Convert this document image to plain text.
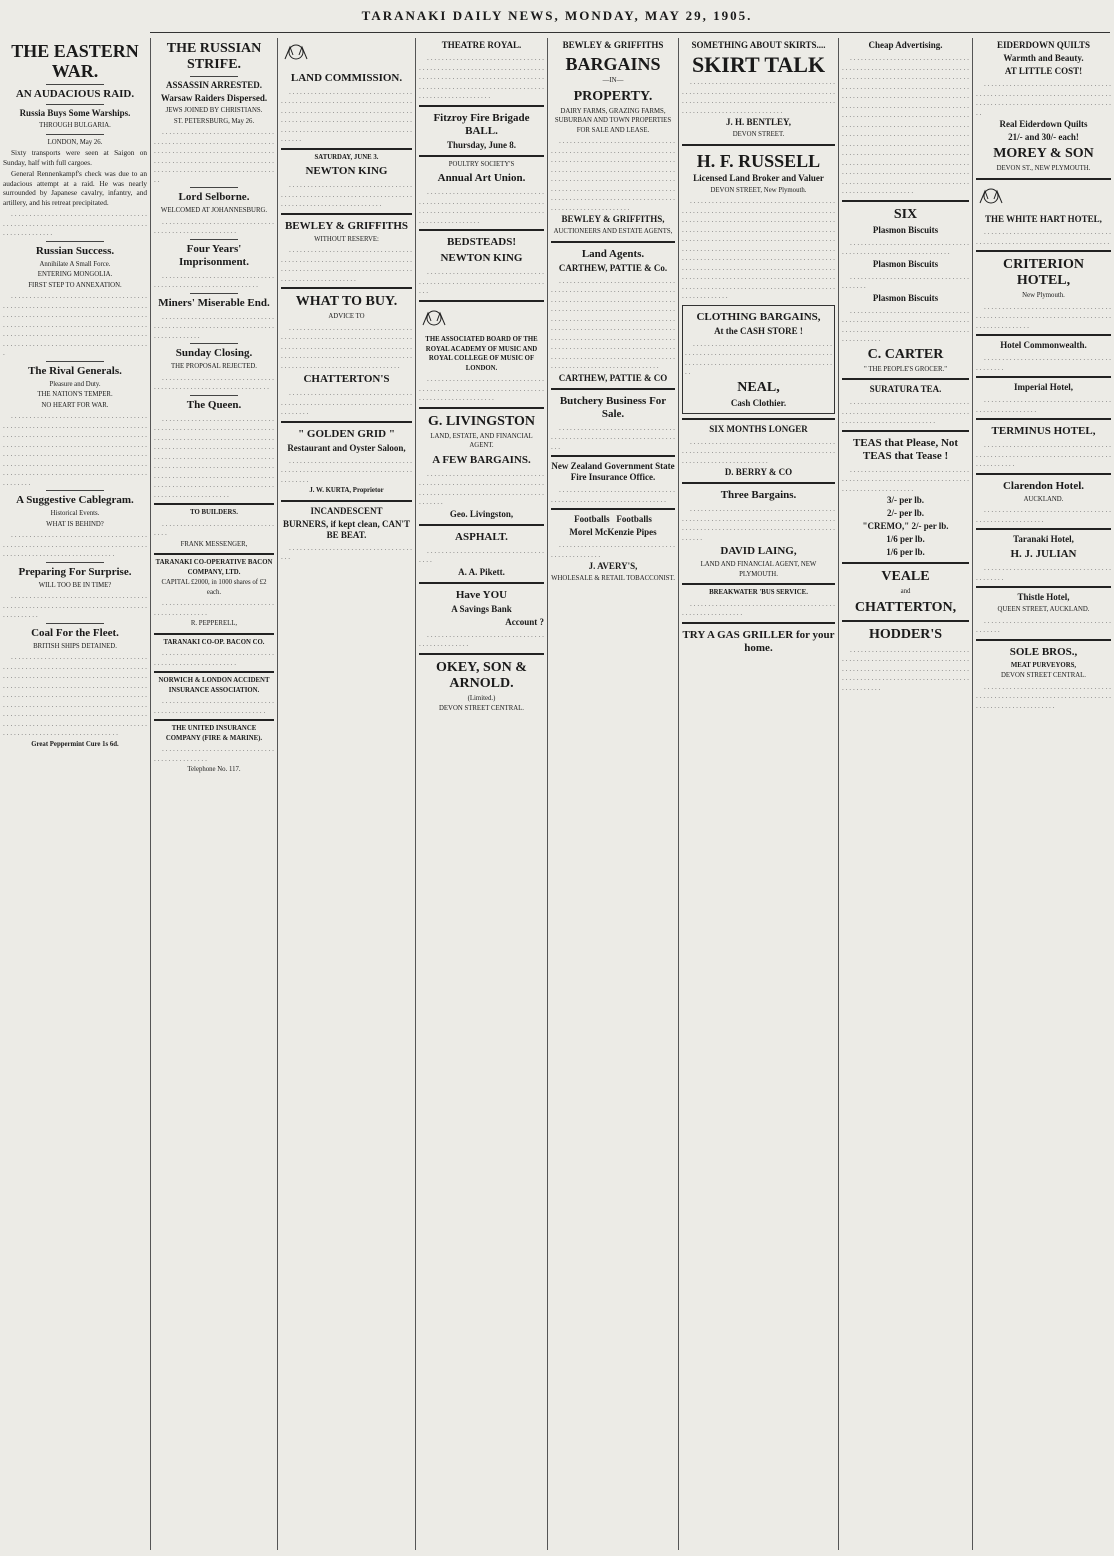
TARANAKI DAILY NEWS, MONDAY, MAY 29, 1905.
THE EASTERN WAR.
AN AUDACIOUS RAID.
Russia Buys Some Warships.
THROUGH BULGARIA.
LONDON, May 26.

Sixty transports were seen at Saigon on Sunday, half with full cargoes.

General Rennenkampf's check was due to an audacious attempt at a raid. He was nearly surrounded by Japanese cavalry, infantry, and artillery, and his retreat precipitated.

. . . . . . . . . . . . . . . . . . . . . . . . . . . . . . . . . . . . . . . . . . . . . . . . . . . . . . . . . . . . . . . . . . . . . . . . . . . . . . . . . . . . . . . . . .

Russian Success.
Annihilate A Small Force.
ENTERING MONGOLIA.
FIRST STEP TO ANNEXATION.

. . . . . . . . . . . . . . . . . . . . . . . . . . . . . . . . . . . . . . . . . . . . . . . . . . . . . . . . . . . . . . . . . . . . . . . . . . . . . . . . . . . . . . . . . . . . . . . . . . . . . . . . . . . . . . . . . . . . . . . . . . . . . . . . . . . . . . . . . . . . . . . . . . . . . . . . . . . . . . . . . . . . . . . . . . . . . . . . . . . . . . . . . . . . . . . . . . . . . . . . . . . . . . . . . . . . . . . . . . . . . . . . . . . . . . . . .

The Rival Generals.
Pleasure and Duty.
THE NATION'S TEMPER.
NO HEART FOR WAR.

. . . . . . . . . . . . . . . . . . . . . . . . . . . . . . . . . . . . . . . . . . . . . . . . . . . . . . . . . . . . . . . . . . . . . . . . . . . . . . . . . . . . . . . . . . . . . . . . . . . . . . . . . . . . . . . . . . . . . . . . . . . . . . . . . . . . . . . . . . . . . . . . . . . . . . . . . . . . . . . . . . . . . . . . . . . . . . . . . . . . . . . . . . . . . . . . . . . . . . . . . . . . . . . . . . . . . . . . . . . . . . . . . . . . . . . . . . . . . . . . . . . . . . . . . . . . . . . . . . . . . . . . . . . . . . . . . . . . . . .

A Suggestive Cablegram.
Historical Events.
WHAT IS BEHIND?

. . . . . . . . . . . . . . . . . . . . . . . . . . . . . . . . . . . . . . . . . . . . . . . . . . . . . . . . . . . . . . . . . . . . . . . . . . . . . . . . . . . . . . . . . . . . . . . . . . . . . . . . . . .

Preparing For Surprise.
WILL TOO BE IN TIME?

. . . . . . . . . . . . . . . . . . . . . . . . . . . . . . . . . . . . . . . . . . . . . . . . . . . . . . . . . . . . . . . . . . . . . . . . . . . . . . . . . . . . . .

Coal For the Fleet.
BRITISH SHIPS DETAINED.

. . . . . . . . . . . . . . . . . . . . . . . . . . . . . . . . . . . . . . . . . . . . . . . . . . . . . . . . . . . . . . . . . . . . . . . . . . . . . . . . . . . . . . . . . . . . . . . . . . . . . . . . . . . . . . . . . . . . . . . . . . . . . . . . . . . . . . . . . . . . . . . . . . . . . . . . . . . . . . . . . . . . . . . . . . . . . . . . . . . . . . . . . . . . . . . . . . . . . . . . . . . . . . . . . . . . . . . . . . . . . . . . . . . . . . . . . . . . . . . . . . . . . . . . . . . . . . . . . . . . . . . . . . . . . . . . . . . . . . . . . . . . . . . . . . . . . . . . . . . . . . . . . . . . . . . . . . . . . . . . . . . . . . . . . . . . . . . . . . . . . .

Great Peppermint Cure 1s 6d.
THE RUSSIAN STRIFE.
ASSASSIN ARRESTED.
Warsaw Raiders Dispersed.
JEWS JOINED BY CHRISTIANS.
ST. PETERSBURG, May 26.

. . . . . . . . . . . . . . . . . . . . . . . . . . . . . . . . . . . . . . . . . . . . . . . . . . . . . . . . . . . . . . . . . . . . . . . . . . . . . . . . . . . . . . . . . . . . . . . . . . . . . . . . . . . . . . . . . . . . . . . . . . . . . . . . . . . . . . . . . . . . . . . . . . . . . . . . . . . . . . . . . . . . .

Lord Selborne.
WELCOMED AT JOHANNESBURG.

. . . . . . . . . . . . . . . . . . . . . . . . . . . . . . . . . . . . . . . . . . . . . . . . . . . . . .

Four Years' Imprisonment.

. . . . . . . . . . . . . . . . . . . . . . . . . . . . . . . . . . . . . . . . . . . . . . . . . . . . . . . . . . . .

Miners' Miserable End.

. . . . . . . . . . . . . . . . . . . . . . . . . . . . . . . . . . . . . . . . . . . . . . . . . . . . . . . . . . . . . . . . . . . . . . . . . . . . .

Sunday Closing.
THE PROPOSAL REJECTED.

. . . . . . . . . . . . . . . . . . . . . . . . . . . . . . . . . . . . . . . . . . . . . . . . . . . . . . . . . . . . . . .

The Queen.

. . . . . . . . . . . . . . . . . . . . . . . . . . . . . . . . . . . . . . . . . . . . . . . . . . . . . . . . . . . . . . . . . . . . . . . . . . . . . . . . . . . . . . . . . . . . . . . . . . . . . . . . . . . . . . . . . . . . . . . . . . . . . . . . . . . . . . . . . . . . . . . . . . . . . . . . . . . . . . . . . . . . . . . . . . . . . . . . . . . . . . . . . . . . . . . . . . . . . . . . . . . . . . . . . . . . . . . . . . . . . . . . . . . . . . . . . . . . . . . . . . . . . . . . . . . . . . . . . . . . . . . . . . . . . . . . . . . . . . . . . . .

TO BUILDERS.

. . . . . . . . . . . . . . . . . . . . . . . . . . . . . . . . . . .

FRANK MESSENGER,
TARANAKI CO-OPERATIVE BACON COMPANY, LTD.
CAPITAL £2000, in 1000 shares of £2 each.

. . . . . . . . . . . . . . . . . . . . . . . . . . . . . . . . . . . . . . . . . . . . . .

R. PEPPERELL,
TARANAKI CO-OP. BACON CO.

. . . . . . . . . . . . . . . . . . . . . . . . . . . . . . . . . . . . . . . . . . . . . . . . . . . . . .

NORWICH & LONDON ACCIDENT INSURANCE ASSOCIATION.

. . . . . . . . . . . . . . . . . . . . . . . . . . . . . . . . . . . . . . . . . . . . . . . . . . . . . . . . . . . . . .

THE UNITED INSURANCE COMPANY (FIRE & MARINE).

. . . . . . . . . . . . . . . . . . . . . . . . . . . . . . . . . . . . . . . . . . . . . .

Telephone No. 117.
LAND COMMISSION.

. . . . . . . . . . . . . . . . . . . . . . . . . . . . . . . . . . . . . . . . . . . . . . . . . . . . . . . . . . . . . . . . . . . . . . . . . . . . . . . . . . . . . . . . . . . . . . . . . . . . . . . . . . . . . . . . . . . . . . . . . . . . . . . . . . . . . . . . . . . . . . . . . . . . . . . . . . . . . . . . . . . . . . . . . . . . . . . . . . . . . . . .

SATURDAY, JUNE 3.
NEWTON KING

. . . . . . . . . . . . . . . . . . . . . . . . . . . . . . . . . . . . . . . . . . . . . . . . . . . . . . . . . . . . . . . . . . . . . . . . . . . . . . . . . . . . . . . . . . . . . . . . . .

BEWLEY & GRIFFITHS
WITHOUT RESERVE:

. . . . . . . . . . . . . . . . . . . . . . . . . . . . . . . . . . . . . . . . . . . . . . . . . . . . . . . . . . . . . . . . . . . . . . . . . . . . . . . . . . . . . . . . . . . . . . . . . . . . . . . . . . . . . . . . . . . . . . . . . . . . . . .

WHAT TO BUY.
ADVICE TO

. . . . . . . . . . . . . . . . . . . . . . . . . . . . . . . . . . . . . . . . . . . . . . . . . . . . . . . . . . . . . . . . . . . . . . . . . . . . . . . . . . . . . . . . . . . . . . . . . . . . . . . . . . . . . . . . . . . . . . . . . . . . . . . . . . . . . . . . . . . . . . . . . . . . . . . . . . . . . . . . . . . . . . . . . . . . . . .

CHATTERTON'S

. . . . . . . . . . . . . . . . . . . . . . . . . . . . . . . . . . . . . . . . . . . . . . . . . . . . . . . . . . . . . . . . . . . . . . . . . . . . . .

" GOLDEN GRID "
Restaurant and Oyster Saloon,

. . . . . . . . . . . . . . . . . . . . . . . . . . . . . . . . . . . . . . . . . . . . . . . . . . . . . . . . . . . . . . . . . . . . . . . . . . . . . .

J. W. KURTA, Proprietor
INCANDESCENT
BURNERS, if kept clean, CAN'T BE BEAT.

. . . . . . . . . . . . . . . . . . . . . . . . . . . . . . . . . . . . .

THEATRE ROYAL.

. . . . . . . . . . . . . . . . . . . . . . . . . . . . . . . . . . . . . . . . . . . . . . . . . . . . . . . . . . . . . . . . . . . . . . . . . . . . . . . . . . . . . . . . . . . . . . . . . . . . . . . . . . . . . . . . . . . . . . . . . . . . . . . . . . . . . . . . . . . . . . . . . . . . . . . . . .

Fitzroy Fire Brigade BALL.
Thursday, June 8.
POULTRY SOCIETY'S
Annual Art Union.

. . . . . . . . . . . . . . . . . . . . . . . . . . . . . . . . . . . . . . . . . . . . . . . . . . . . . . . . . . . . . . . . . . . . . . . . . . . . . . . . . . . . . . . . . . . . . . . . . . . . . . . . . . . . . . . . . . . . .

BEDSTEADS!
NEWTON KING

. . . . . . . . . . . . . . . . . . . . . . . . . . . . . . . . . . . . . . . . . . . . . . . . . . . . . . . . . . . . . . . . . . . . .

THE ASSOCIATED BOARD OF THE ROYAL ACADEMY OF MUSIC AND ROYAL COLLEGE OF MUSIC OF LONDON.

. . . . . . . . . . . . . . . . . . . . . . . . . . . . . . . . . . . . . . . . . . . . . . . . . . . . . . . . . . . . . . . . . . . . . . . . . . . . . . . . . . . . . . .

G. LIVINGSTON
LAND, ESTATE, AND FINANCIAL AGENT.
A FEW BARGAINS.

. . . . . . . . . . . . . . . . . . . . . . . . . . . . . . . . . . . . . . . . . . . . . . . . . . . . . . . . . . . . . . . . . . . . . . . . . . . . . . . . . . . . . . . . . . . . . . . . . . . . . . . . . . .

Geo. Livingston,
ASPHALT.

. . . . . . . . . . . . . . . . . . . . . . . . . . . . . . . . . . . .

A. A. Pikett.
Have YOU
A Savings Bank
Account ?

. . . . . . . . . . . . . . . . . . . . . . . . . . . . . . . . . . . . . . . . . . . . . .

OKEY, SON & ARNOLD.
(Limited.)
DEVON STREET CENTRAL.
BEWLEY & GRIFFITHS
BARGAINS
—IN—
PROPERTY.
DAIRY FARMS, GRAZING FARMS, SUBURBAN AND TOWN PROPERTIES FOR SALE AND LEASE.

. . . . . . . . . . . . . . . . . . . . . . . . . . . . . . . . . . . . . . . . . . . . . . . . . . . . . . . . . . . . . . . . . . . . . . . . . . . . . . . . . . . . . . . . . . . . . . . . . . . . . . . . . . . . . . . . . . . . . . . . . . . . . . . . . . . . . . . . . . . . . . . . . . . . . . . . . . . . . . . . . . . . . . . . . . . . . . . . . . . . . . . . . . . . . . . . . . . . . . . . . . . . . . . . . . . . . . . . . . . . . . . . . . . . . . . . . . . . . . . . . . . . . . . . . . . . . . . . . .

BEWLEY & GRIFFITHS,
AUCTIONEERS AND ESTATE AGENTS,
Land Agents.
CARTHEW, PATTIE & Co.

. . . . . . . . . . . . . . . . . . . . . . . . . . . . . . . . . . . . . . . . . . . . . . . . . . . . . . . . . . . . . . . . . . . . . . . . . . . . . . . . . . . . . . . . . . . . . . . . . . . . . . . . . . . . . . . . . . . . . . . . . . . . . . . . . . . . . . . . . . . . . . . . . . . . . . . . . . . . . . . . . . . . . . . . . . . . . . . . . . . . . . . . . . . . . . . . . . . . . . . . . . . . . . . . . . . . . . . . . . . . . . . . . . . . . . . . . . . . . . . . . . . . . . . . . . . . . . . . . . . . . . . . . . . . . . . . . . . . . . . . . . . . . . . . . . . . . . . . . . . . . . . . . . . . . . . . . . . . . . . . . . . . . . . . . . . . . .

CARTHEW, PATTIE & CO
Butchery Business For Sale.

. . . . . . . . . . . . . . . . . . . . . . . . . . . . . . . . . . . . . . . . . . . . . . . . . . . . . . . . . . . . . . . . . . . . .

New Zealand Government State Fire Insurance Office.

. . . . . . . . . . . . . . . . . . . . . . . . . . . . . . . . . . . . . . . . . . . . . . . . . . . . . . . . . . . . . . . .

Footballs Footballs
Morel McKenzie Pipes

. . . . . . . . . . . . . . . . . . . . . . . . . . . . . . . . . . . . . . . . . . . . . .

J. AVERY'S,
WHOLESALE & RETAIL TOBACCONIST.
SOMETHING ABOUT SKIRTS....
SKIRT TALK

. . . . . . . . . . . . . . . . . . . . . . . . . . . . . . . . . . . . . . . . . . . . . . . . . . . . . . . . . . . . . . . . . . . . . . . . . . . . . . . . . . . . . . . . . . . . . . . . . . . . . . . . . . . . . . . . . . . . . . . . . . . . . . . . . . . . . . . . . . . . . . . . . . . . . . . .

J. H. BENTLEY,
DEVON STREET.
H. F. RUSSELL
Licensed Land Broker and Valuer
DEVON STREET, New Plymouth.

. . . . . . . . . . . . . . . . . . . . . . . . . . . . . . . . . . . . . . . . . . . . . . . . . . . . . . . . . . . . . . . . . . . . . . . . . . . . . . . . . . . . . . . . . . . . . . . . . . . . . . . . . . . . . . . . . . . . . . . . . . . . . . . . . . . . . . . . . . . . . . . . . . . . . . . . . . . . . . . . . . . . . . . . . . . . . . . . . . . . . . . . . . . . . . . . . . . . . . . . . . . . . . . . . . . . . . . . . . . . . . . . . . . . . . . . . . . . . . . . . . . . . . . . . . . . . . . . . . . . . . . . . . . . . . . . . . . . . . . . . . . . . . . . . . . . . . . . . . . . . . . . . . . . . . . . . . . . . . . . . . . . . . . . . . . . . . . . . . . . . . . . . . . . . . . . . . . . . . . . . . . . . . . . . . . . . . . . . . . . . . . . . . . . . . . . . . . . . . . . . . . . . . . . . . . . . . . . . . . . . . . . . . . . . . .

CLOTHING BARGAINS,
At the CASH STORE !

. . . . . . . . . . . . . . . . . . . . . . . . . . . . . . . . . . . . . . . . . . . . . . . . . . . . . . . . . . . . . . . . . . . . . . . . . . . . . . . . . . . . . . . . . . . . . . . . . . . . . . . . . . . . . . . . . . . . . . . .

NEAL,
Cash Clothier.
SIX MONTHS LONGER

. . . . . . . . . . . . . . . . . . . . . . . . . . . . . . . . . . . . . . . . . . . . . . . . . . . . . . . . . . . . . . . . . . . . . . . . . . . . . . . . . . . . . . . . . . . . . . . . . . . . . . . . . .

D. BERRY & CO
Three Bargains.

. . . . . . . . . . . . . . . . . . . . . . . . . . . . . . . . . . . . . . . . . . . . . . . . . . . . . . . . . . . . . . . . . . . . . . . . . . . . . . . . . . . . . . . . . . . . . . . . . . . . . . . . . . . . . . . . . . . . . . . . . . . . . . . . . .

DAVID LAING,
LAND AND FINANCIAL AGENT, NEW PLYMOUTH.
BREAKWATER 'BUS SERVICE.

. . . . . . . . . . . . . . . . . . . . . . . . . . . . . . . . . . . . . . . . . . . . . . . . . . . . . . . . .

TRY A GAS GRILLER for your home.
Cheap Advertising.

. . . . . . . . . . . . . . . . . . . . . . . . . . . . . . . . . . . . . . . . . . . . . . . . . . . . . . . . . . . . . . . . . . . . . . . . . . . . . . . . . . . . . . . . . . . . . . . . . . . . . . . . . . . . . . . . . . . . . . . . . . . . . . . . . . . . . . . . . . . . . . . . . . . . . . . . . . . . . . . . . . . . . . . . . . . . . . . . . . . . . . . . . . . . . . . . . . . . . . . . . . . . . . . . . . . . . . . . . . . . . . . . . . . . . . . . . . . . . . . . . . . . . . . . . . . . . . . . . . . . . . . . . . . . . . . . . . . . . . . . . . . . . . . . . . . . . . . . . . . . . . . . . . . . . . . . . . . . . . . . . . . . . . . . . . . . . . . . . . . . . . . . . . . . . . . . . . . . . . . . . . . . . . . . . . . . . . . . . . . . . . . . . . . . . . . . . . . . . . . . . . . . . . . . . . . . . . . . . . . . . . . . . . . . . . . . . . . . . . . . . . . . . . . . . . . . . . . . . . . . . . . . . . . . . . . . . . . . . . . . . . . . . . . . . . . . . . . . . . . . . . . . . . . .

SIX
Plasmon Biscuits

. . . . . . . . . . . . . . . . . . . . . . . . . . . . . . . . . . . . . . . . . . . . . . . . . . . . . . . . . . . . . . .

Plasmon Biscuits

. . . . . . . . . . . . . . . . . . . . . . . . . . . . . . . . . . . . . . . .

Plasmon Biscuits

. . . . . . . . . . . . . . . . . . . . . . . . . . . . . . . . . . . . . . . . . . . . . . . . . . . . . . . . . . . . . . . . . . . . . . . . . . . . . . . . . . . . . . . . . . . . . . . . . . . . . . . . . . . . . . . . . .

C. CARTER
" THE PEOPLE'S GROCER."
SURATURA TEA.

. . . . . . . . . . . . . . . . . . . . . . . . . . . . . . . . . . . . . . . . . . . . . . . . . . . . . . . . . . . . . . . . . . . . . . . . . . . . . . . . . . . . . . . . . . . . . .

TEAS that Please, Not TEAS that Tease !

. . . . . . . . . . . . . . . . . . . . . . . . . . . . . . . . . . . . . . . . . . . . . . . . . . . . . . . . . . . . . . . . . . . . . . . . . . . . . . . . . . . . . . . .

3/- per lb.
2/- per lb.
"CREMO," 2/- per lb.
1/6 per lb.
1/6 per lb.
VEALE
and
CHATTERTON,
HODDER'S

. . . . . . . . . . . . . . . . . . . . . . . . . . . . . . . . . . . . . . . . . . . . . . . . . . . . . . . . . . . . . . . . . . . . . . . . . . . . . . . . . . . . . . . . . . . . . . . . . . . . . . . . . . . . . . . . . . . . . . . . . . . . . . . . . . . . . . . . . . . . . . . . . . . . .

EIDERDOWN QUILTS
Warmth and Beauty.
AT LITTLE COST!

. . . . . . . . . . . . . . . . . . . . . . . . . . . . . . . . . . . . . . . . . . . . . . . . . . . . . . . . . . . . . . . . . . . . . . . . . . . . . . . . . . . . . . . . . . . . . . . . . . . . . . . . . . . . . . .

Real Eiderdown Quilts
21/- and 30/- each!
MOREY & SON
DEVON ST., NEW PLYMOUTH.
THE WHITE HART HOTEL,

. . . . . . . . . . . . . . . . . . . . . . . . . . . . . . . . . . . . . . . . . . . . . . . . . . . . . . . . . . . . . . . . . . . . . . . .

CRITERION HOTEL,
New Plymouth.

. . . . . . . . . . . . . . . . . . . . . . . . . . . . . . . . . . . . . . . . . . . . . . . . . . . . . . . . . . . . . . . . . . . . . . . . . . . . . . . . . . . . . . .

Hotel Commonwealth.

. . . . . . . . . . . . . . . . . . . . . . . . . . . . . . . . . . . . . . . . . . .

Imperial Hotel,

. . . . . . . . . . . . . . . . . . . . . . . . . . . . . . . . . . . . . . . . . . . . . . . . . . . .

TERMINUS HOTEL,

. . . . . . . . . . . . . . . . . . . . . . . . . . . . . . . . . . . . . . . . . . . . . . . . . . . . . . . . . . . . . . . . . . . . . . . . . . . . . . . . . . .

Clarendon Hotel.
AUCKLAND.

. . . . . . . . . . . . . . . . . . . . . . . . . . . . . . . . . . . . . . . . . . . . . . . . . . . . . .

Taranaki Hotel,
H. J. JULIAN

. . . . . . . . . . . . . . . . . . . . . . . . . . . . . . . . . . . . . . . . . . .

Thistle Hotel,
QUEEN STREET, AUCKLAND.

. . . . . . . . . . . . . . . . . . . . . . . . . . . . . . . . . . . . . . . . . .

SOLE BROS.,
MEAT PURVEYORS,
DEVON STREET CENTRAL.

. . . . . . . . . . . . . . . . . . . . . . . . . . . . . . . . . . . . . . . . . . . . . . . . . . . . . . . . . . . . . . . . . . . . . . . . . . . . . . . . . . . . . . . . . . . . . .
